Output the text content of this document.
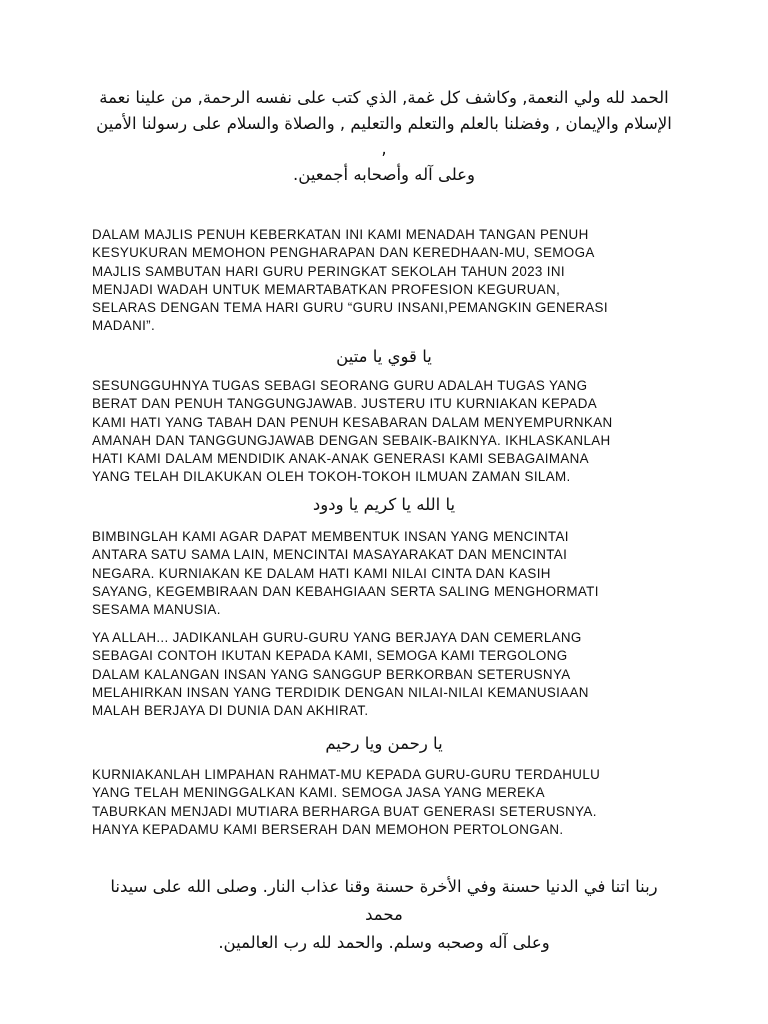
الحمد لله ولي النعمة, وكاشف كل غمة, الذي كتب على نفسه الرحمة, من علينا نعمة

الإسلام والإيمان , وفضلنا بالعلم والتعلم والتعليم , والصلاة والسلام على رسولنا الأمين ,

وعلى آله وأصحابه أجمعين.

DALAM MAJLIS PENUH KEBERKATAN INI KAMI MENADAH TANGAN PENUH
KESYUKURAN MEMOHON PENGHARAPAN DAN KEREDHAAN-MU, SEMOGA
MAJLIS SAMBUTAN HARI GURU PERINGKAT SEKOLAH TAHUN 2023 INI
MENJADI WADAH UNTUK MEMARTABATKAN PROFESION KEGURUAN,
SELARAS DENGAN TEMA HARI GURU “GURU INSANI,PEMANGKIN GENERASI
MADANI”.

يا قوي يا متين

SESUNGGUHNYA TUGAS SEBAGI SEORANG GURU ADALAH TUGAS YANG
BERAT DAN PENUH TANGGUNGJAWAB. JUSTERU ITU KURNIAKAN KEPADA
KAMI HATI YANG TABAH DAN PENUH KESABARAN DALAM MENYEMPURNKAN
AMANAH DAN TANGGUNGJAWAB DENGAN SEBAIK-BAIKNYA. IKHLASKANLAH
HATI KAMI DALAM MENDIDIK ANAK-ANAK GENERASI KAMI SEBAGAIMANA
YANG TELAH DILAKUKAN OLEH TOKOH-TOKOH ILMUAN ZAMAN SILAM.

يا الله يا كريم يا ودود

BIMBINGLAH KAMI AGAR DAPAT MEMBENTUK INSAN YANG MENCINTAI
ANTARA SATU SAMA LAIN, MENCINTAI MASAYARAKAT DAN MENCINTAI
NEGARA. KURNIAKAN KE DALAM HATI KAMI NILAI CINTA DAN KASIH
SAYANG, KEGEMBIRAAN DAN KEBAHGIAAN SERTA SALING MENGHORMATI
SESAMA MANUSIA.

YA ALLAH... JADIKANLAH GURU-GURU YANG BERJAYA DAN CEMERLANG
SEBAGAI CONTOH IKUTAN KEPADA KAMI, SEMOGA KAMI TERGOLONG
DALAM KALANGAN INSAN YANG SANGGUP BERKORBAN SETERUSNYA
MELAHIRKAN INSAN YANG TERDIDIK DENGAN NILAI-NILAI KEMANUSIAAN
MALAH BERJAYA DI DUNIA DAN AKHIRAT.

يا رحمن ويا رحيم

KURNIAKANLAH LIMPAHAN RAHMAT-MU KEPADA GURU-GURU TERDAHULU
YANG TELAH MENINGGALKAN KAMI. SEMOGA JASA YANG MEREKA
TABURKAN MENJADI MUTIARA BERHARGA BUAT GENERASI SETERUSNYA.
HANYA KEPADAMU KAMI BERSERAH DAN MEMOHON PERTOLONGAN.

ربنا اتنا في الدنيا حسنة وفي الأخرة حسنة وقنا عذاب النار. وصلى الله على سيدنا محمد

وعلى آله وصحبه وسلم. والحمد لله رب العالمين.
